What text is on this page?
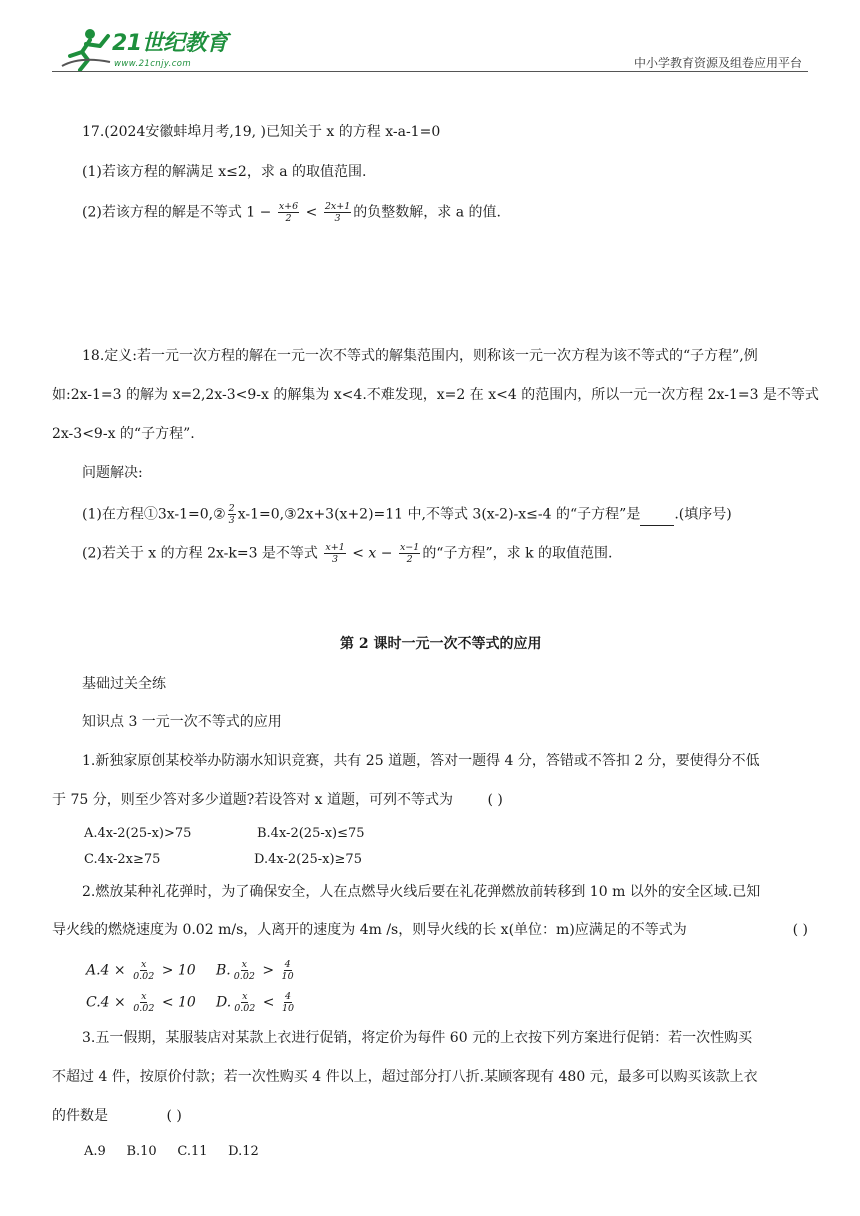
21世纪教育
www.21cnjy.com	中小学教育资源及组卷应用平台
17.(2024安徽蚌埠月考,19, )已知关于 x 的方程 x-a-1=0
(1)若该方程的解满足 x≤2，求 a 的取值范围.
(2)若该方程的解是不等式 $1 - \frac{x+6}{2} < \frac{2x+1}{3}$ 的负整数解，求 a 的值.
18.定义:若一元一次方程的解在一元一次不等式的解集范围内，则称该一元一次方程为该不等式的“子方程”,例
如:2x-1=3 的解为 x=2,2x-3<9-x 的解集为 x<4.不难发现，x=2 在 x<4 的范围内，所以一元一次方程 2x-1=3 是不等式
2x-3<9-x 的“子方程”.
问题解决:
(1)在方程①3x-1=0,② $\frac{2}{3}$ x-1=0,③2x+3(x+2)=11 中,不等式 3(x-2)-x≤-4 的“子方程”是 .(填序号)
(2)若关于 x 的方程 2x-k=3 是不等式 $\frac{x+1}{3} < x - \frac{x-1}{2}$ 的“子方程”，求 k 的取值范围.
第 2 课时一元一次不等式的应用
基础过关全练
知识点 3 一元一次不等式的应用
1.新独家原创某校举办防溺水知识竞赛，共有 25 道题，答对一题得 4 分，答错或不答扣 2 分，要使得分不低
于 75 分，则至少答对多少道题?若设答对 x 道题，可列不等式为 ( )
A.4x-2(25-x)>75	B.4x-2(25-x)≤75
C.4x-2x≥75	D.4x-2(25-x)≥75
2.燃放某种礼花弹时，为了确保安全，人在点燃导火线后要在礼花弹燃放前转移到 10 m 以外的安全区域.已知
导火线的燃烧速度为 0.02 m/s，人离开的速度为 4m /s，则导火线的长 x(单位：m)应满足的不等式为	( )
$A.4 \times \frac{x}{0.02} > 10$ B. $\frac{x}{0.02} > \frac{4}{10}$
$C.4 \times \frac{x}{0.02} < 10$ D. $\frac{x}{0.02} < \frac{4}{10}$
3.五一假期，某服装店对某款上衣进行促销，将定价为每件 60 元的上衣按下列方案进行促销：若一次性购买
不超过 4 件，按原价付款；若一次性购买 4 件以上，超过部分打八折.某顾客现有 480 元，最多可以购买该款上衣
的件数是	( )
A.9     B.10     C.11     D.12
